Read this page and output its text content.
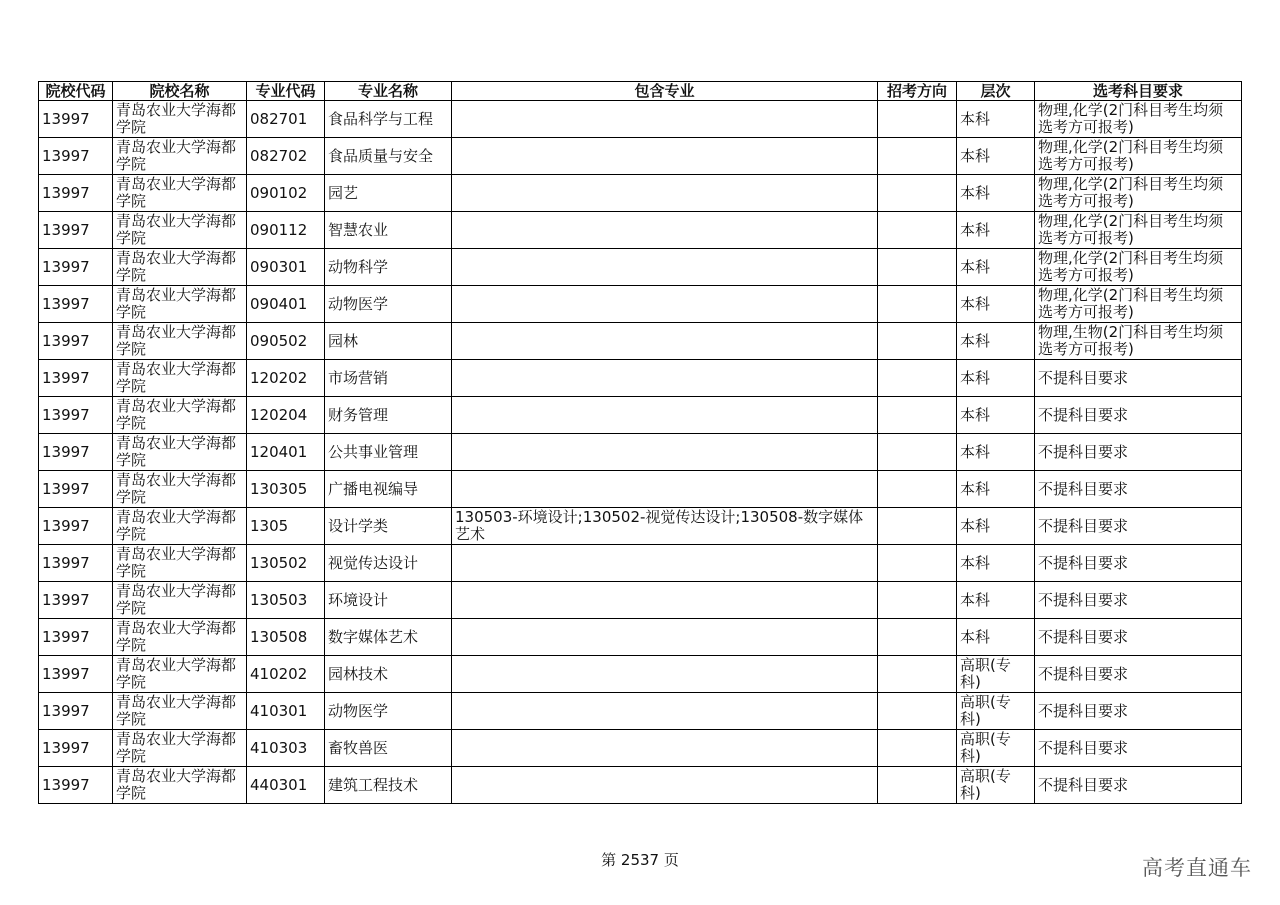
院校代码	院校名称	专业代码	专业名称	包含专业	招考方向	层次	选考科目要求
13997	青岛农业大学海都学院	082701	食品科学与工程			本科	物理,化学(2门科目考生均须选考方可报考)
13997	青岛农业大学海都学院	082702	食品质量与安全			本科	物理,化学(2门科目考生均须选考方可报考)
13997	青岛农业大学海都学院	090102	园艺			本科	物理,化学(2门科目考生均须选考方可报考)
13997	青岛农业大学海都学院	090112	智慧农业			本科	物理,化学(2门科目考生均须选考方可报考)
13997	青岛农业大学海都学院	090301	动物科学			本科	物理,化学(2门科目考生均须选考方可报考)
13997	青岛农业大学海都学院	090401	动物医学			本科	物理,化学(2门科目考生均须选考方可报考)
13997	青岛农业大学海都学院	090502	园林			本科	物理,生物(2门科目考生均须选考方可报考)
13997	青岛农业大学海都学院	120202	市场营销			本科	不提科目要求
13997	青岛农业大学海都学院	120204	财务管理			本科	不提科目要求
13997	青岛农业大学海都学院	120401	公共事业管理			本科	不提科目要求
13997	青岛农业大学海都学院	130305	广播电视编导			本科	不提科目要求
13997	青岛农业大学海都学院	1305	设计学类	130503-环境设计;130502-视觉传达设计;130508-数字媒体艺术		本科	不提科目要求
13997	青岛农业大学海都学院	130502	视觉传达设计			本科	不提科目要求
13997	青岛农业大学海都学院	130503	环境设计			本科	不提科目要求
13997	青岛农业大学海都学院	130508	数字媒体艺术			本科	不提科目要求
13997	青岛农业大学海都学院	410202	园林技术			高职(专科)	不提科目要求
13997	青岛农业大学海都学院	410301	动物医学			高职(专科)	不提科目要求
13997	青岛农业大学海都学院	410303	畜牧兽医			高职(专科)	不提科目要求
13997	青岛农业大学海都学院	440301	建筑工程技术			高职(专科)	不提科目要求
第 2537 页	高考直通车
